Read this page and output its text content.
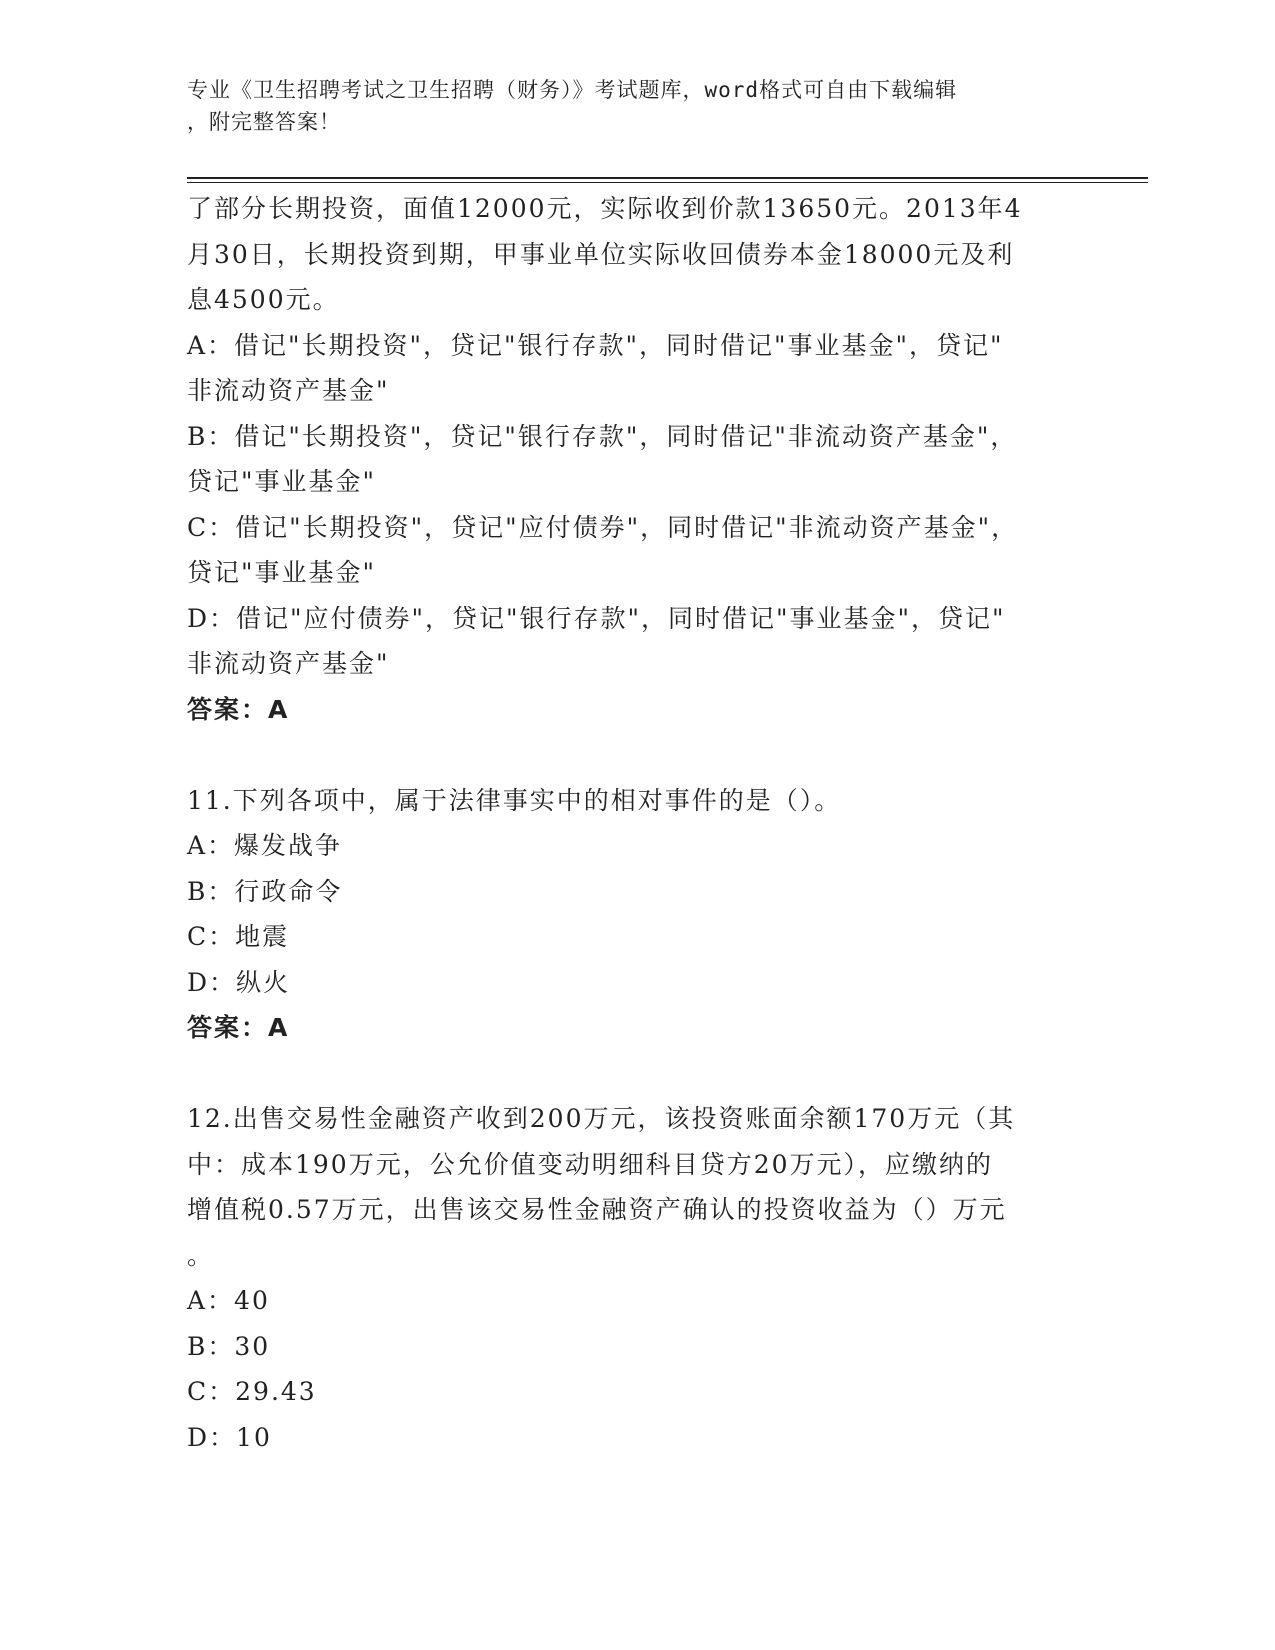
专业《卫生招聘考试之卫生招聘（财务）》考试题库，word格式可自由下载编辑
，附完整答案！
了部分长期投资，面值12000元，实际收到价款13650元。2013年4
月30日，长期投资到期，甲事业单位实际收回债券本金18000元及利
息4500元。
A：借记"长期投资"，贷记"银行存款"，同时借记"事业基金"，贷记"
非流动资产基金"
B：借记"长期投资"，贷记"银行存款"，同时借记"非流动资产基金"，
贷记"事业基金"
C：借记"长期投资"，贷记"应付债券"，同时借记"非流动资产基金"，
贷记"事业基金"
D：借记"应付债券"，贷记"银行存款"，同时借记"事业基金"，贷记"
非流动资产基金"
答案：A
11.下列各项中，属于法律事实中的相对事件的是（）。
A：爆发战争
B：行政命令
C：地震
D：纵火
答案：A
12.出售交易性金融资产收到200万元，该投资账面余额170万元（其
中：成本190万元，公允价值变动明细科目贷方20万元），应缴纳的
增值税0.57万元，出售该交易性金融资产确认的投资收益为（）万元
。
A：40
B：30
C：29.43
D：10
